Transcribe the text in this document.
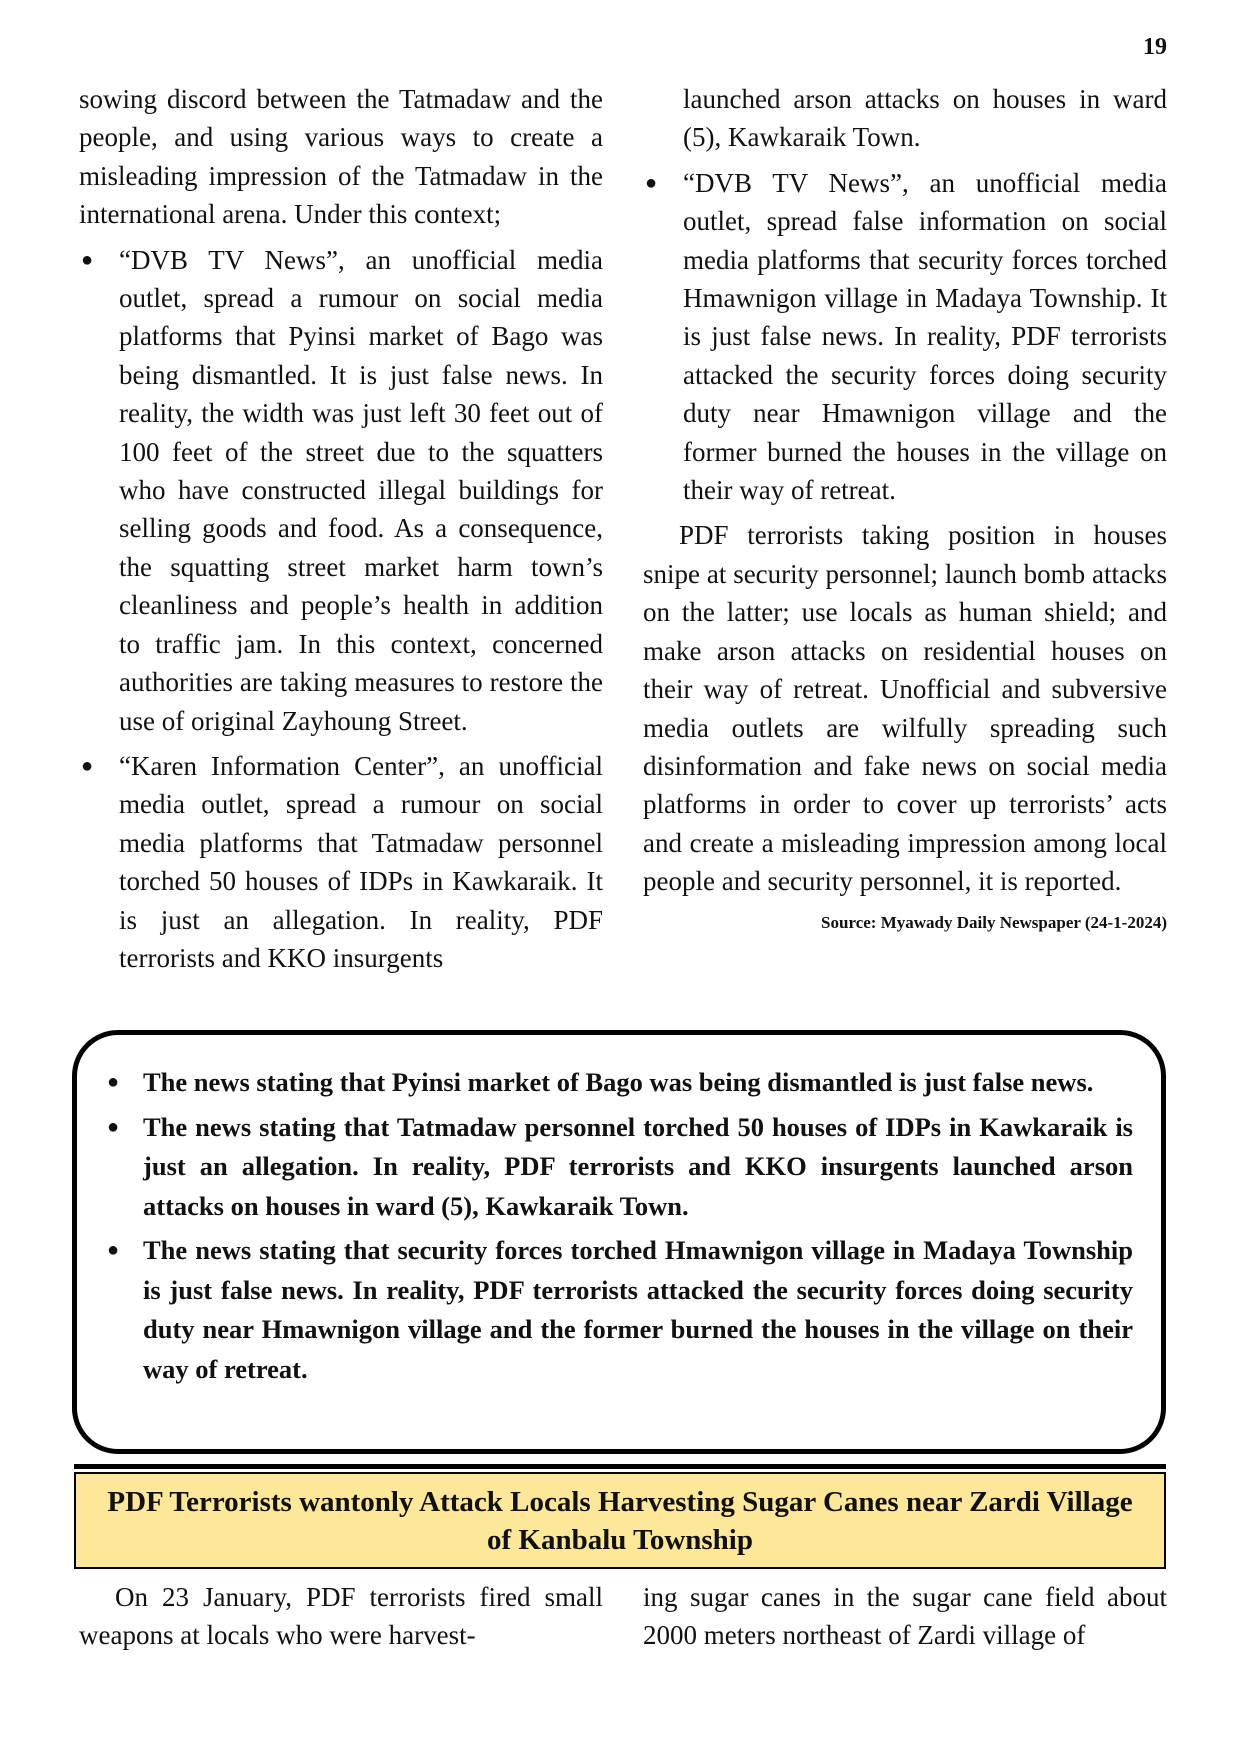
19

sowing discord between the Tatmadaw and the people, and using various ways to create a misleading impression of the Tatmadaw in the international arena. Under this context;

● “DVB TV News”, an unofficial media outlet, spread a rumour on social media platforms that Pyinsi market of Bago was being dismantled. It is just false news. In reality, the width was just left 30 feet out of 100 feet of the street due to the squatters who have constructed illegal buildings for selling goods and food. As a consequence, the squatting street market harm town’s cleanliness and people’s health in addition to traffic jam. In this context, concerned authorities are taking measures to restore the use of original Zayhoung Street.
● “Karen Information Center”, an unofficial media outlet, spread a rumour on social media platforms that Tatmadaw personnel torched 50 houses of IDPs in Kawkaraik. It is just an allegation. In reality, PDF terrorists and KKO insurgents

launched arson attacks on houses in ward (5), Kawkaraik Town.

● “DVB TV News”, an unofficial media outlet, spread false information on social media platforms that security forces torched Hmawnigon village in Madaya Township. It is just false news. In reality, PDF terrorists attacked the security forces doing security duty near Hmawnigon village and the former burned the houses in the village on their way of retreat.

PDF terrorists taking position in houses snipe at security personnel; launch bomb attacks on the latter; use locals as human shield; and make arson attacks on residential houses on their way of retreat. Unofficial and subversive media outlets are wilfully spreading such disinformation and fake news on social media platforms in order to cover up terrorists’ acts and create a misleading impression among local people and security personnel, it is reported.

Source: Myawady Daily Newspaper (24-1-2024)
● The news stating that Pyinsi market of Bago was being dismantled is just false news.
● The news stating that Tatmadaw personnel torched 50 houses of IDPs in Kawkaraik is just an allegation. In reality, PDF terrorists and KKO insurgents launched arson attacks on houses in ward (5), Kawkaraik Town.
● The news stating that security forces torched Hmawnigon village in Madaya Township is just false news. In reality, PDF terrorists attacked the security forces doing security duty near Hmawnigon village and the former burned the houses in the village on their way of retreat.
PDF Terrorists wantonly Attack Locals Harvesting Sugar Canes near Zardi Village of Kanbalu Township

On 23 January, PDF terrorists fired small weapons at locals who were harvest-

ing sugar canes in the sugar cane field about 2000 meters northeast of Zardi village of
